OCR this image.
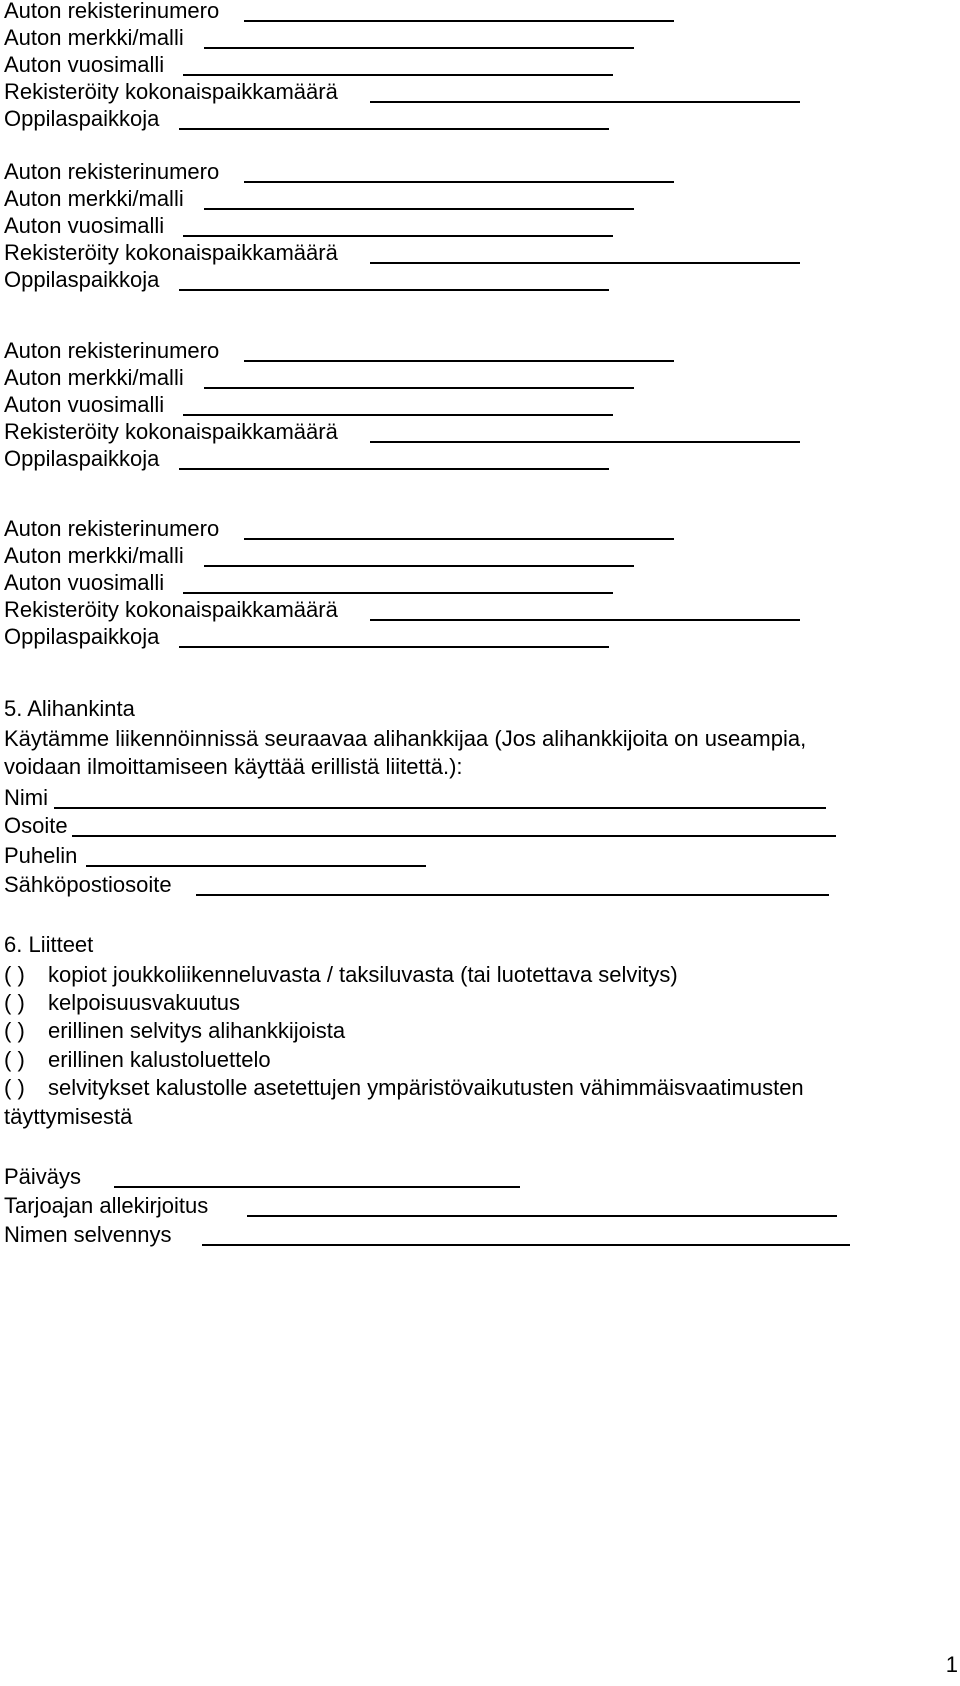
Auton rekisterinumero
Auton merkki/malli
Auton vuosimalli
Rekisteröity kokonaispaikkamäärä
Oppilaspaikkoja
Auton rekisterinumero
Auton merkki/malli
Auton vuosimalli
Rekisteröity kokonaispaikkamäärä
Oppilaspaikkoja
Auton rekisterinumero
Auton merkki/malli
Auton vuosimalli
Rekisteröity kokonaispaikkamäärä
Oppilaspaikkoja
Auton rekisterinumero
Auton merkki/malli
Auton vuosimalli
Rekisteröity kokonaispaikkamäärä
Oppilaspaikkoja
5. Alihankinta
Käytämme liikennöinnissä seuraavaa alihankkijaa (Jos alihankkijoita on useampia,
voidaan ilmoittamiseen käyttää erillistä liitettä.):
Nimi
Osoite
Puhelin
Sähköpostiosoite
6. Liitteet
( ) kopiot joukkoliikenneluvasta / taksiluvasta (tai luotettava selvitys)
( ) kelpoisuusvakuutus
( ) erillinen selvitys alihankkijoista
( ) erillinen kalustoluettelo
( ) selvitykset kalustolle asetettujen ympäristövaikutusten vähimmäisvaatimusten
täyttymisestä
Päiväys
Tarjoajan allekirjoitus
Nimen selvennys
1
